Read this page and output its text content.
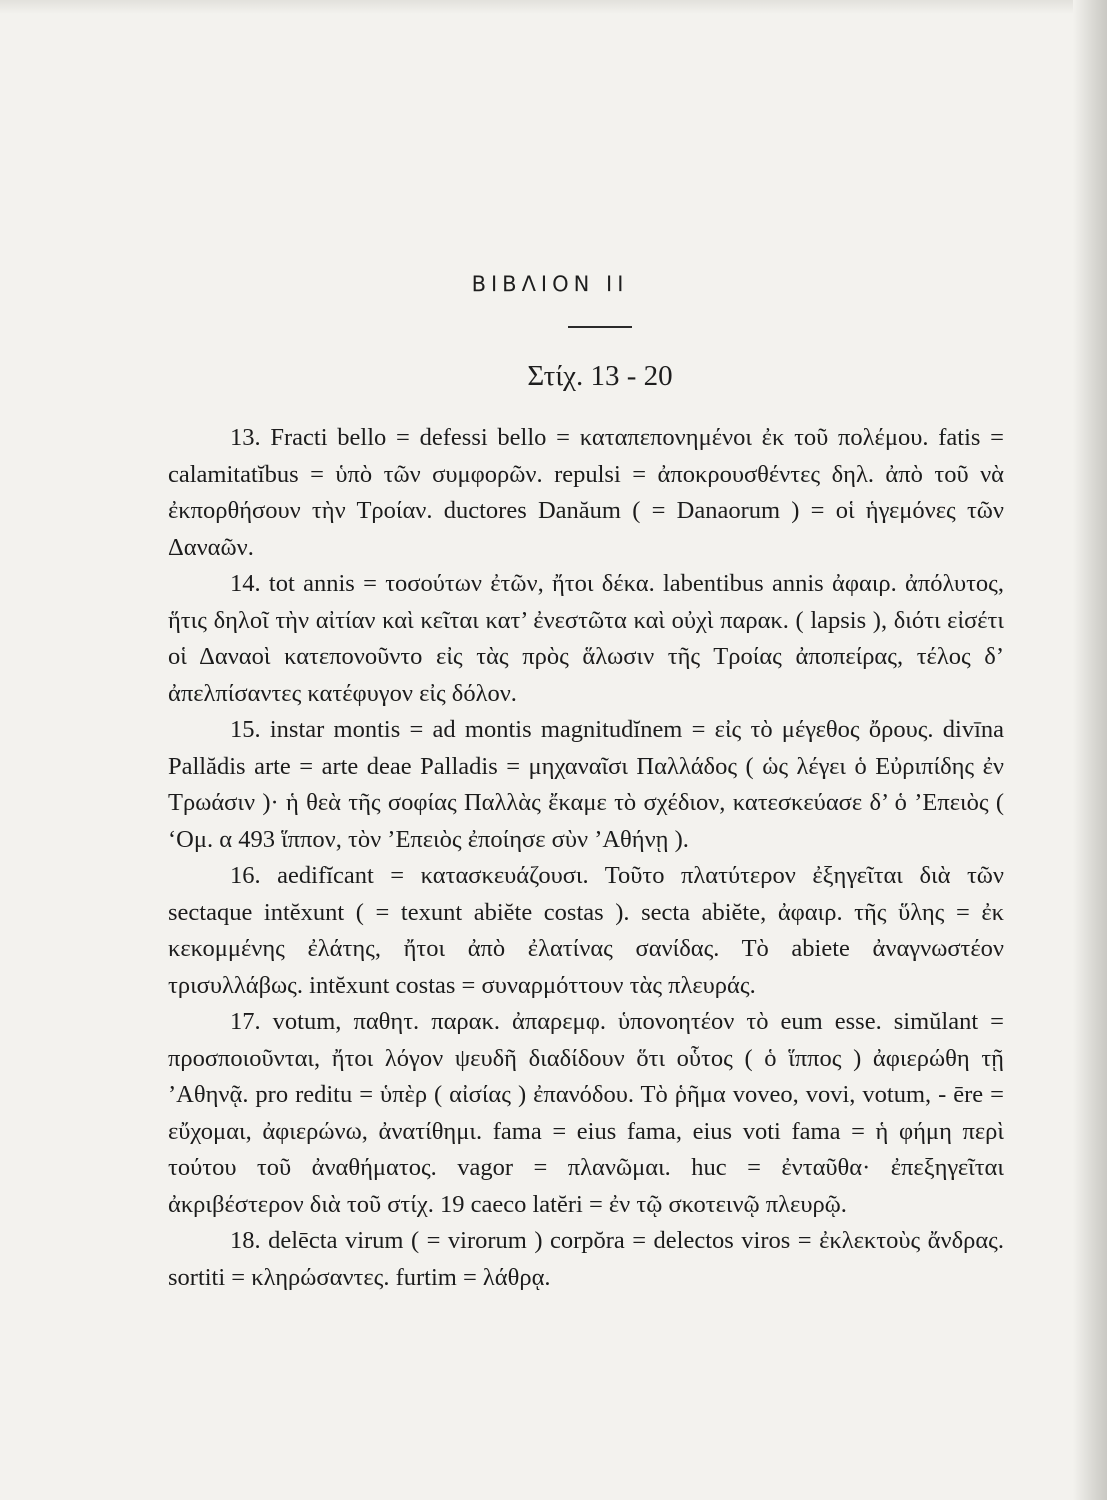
ΒΙΒΛΙΟΝ ΙΙ
Στίχ. 13 - 20

13. Fracti bello = defessi bello = καταπεπονημένοι ἐκ τοῦ πολέμου. fatis = calamitatĭbus = ὑπὸ τῶν συμφορῶν. repulsi = ἀποκρουσθέντες δηλ. ἀπὸ τοῦ νὰ ἐκπορθήσουν τὴν Τροίαν. ductores Danăum ( = Danaorum ) = οἱ ἡγεμόνες τῶν Δαναῶν.

14. tot annis = τοσούτων ἐτῶν, ἤτοι δέκα. labentibus annis ἀφαιρ. ἀπόλυτος, ἥτις δηλοῖ τὴν αἰτίαν καὶ κεῖται κατ’ ἐνεστῶτα καὶ οὐχὶ παρακ. ( lapsis ), διότι εἰσέτι οἱ Δαναοὶ κατεπονοῦντο εἰς τὰς πρὸς ἅλωσιν τῆς Τροίας ἀποπείρας, τέλος δ’ ἀπελπίσαντες κατέφυγον εἰς δόλον.

15. instar montis = ad montis magnitudĭnem = εἰς τὸ μέγεθος ὄρους. divīna Pallădis arte = arte deae Palladis = μηχαναῖσι Παλλάδος ( ὡς λέγει ὁ Εὐριπίδης ἐν Τρωάσιν )· ἡ θεὰ τῆς σοφίας Παλλὰς ἔκαμε τὸ σχέδιον, κατεσκεύασε δ’ ὁ ’Επειὸς ( ‘Ομ. α 493 ἵππον, τὸν ’Επειὸς ἐποίησε σὺν ’Αθήνῃ ).

16. aedifĭcant = κατασκευάζουσι. Τοῦτο πλατύτερον ἐξηγεῖται διὰ τῶν sectaque intĕxunt ( = texunt abiĕte costas ). secta abiĕte, ἀφαιρ. τῆς ὕλης = ἐκ κεκομμένης ἐλάτης, ἤτοι ἀπὸ ἐλατίνας σανίδας. Τὸ abiete ἀναγνωστέον τρισυλλάβως. intĕxunt costas = συναρμόττουν τὰς πλευράς.

17. votum, παθητ. παρακ. ἀπαρεμφ. ὑπονοητέον τὸ eum esse. simŭlant = προσποιοῦνται, ἤτοι λόγον ψευδῆ διαδίδουν ὅτι οὗτος ( ὁ ἵππος ) ἀφιερώθη τῇ ’Αθηνᾷ. pro reditu = ὑπὲρ ( αἰσίας ) ἐπανόδου. Τὸ ῥῆμα voveo, vovi, votum, - ēre = εὔχομαι, ἀφιερώνω, ἀνατίθημι. fama = eius fama, eius voti fama = ἡ φήμη περὶ τούτου τοῦ ἀναθήματος. vagor = πλανῶμαι. huc = ἐνταῦθα· ἐπεξηγεῖται ἀκριβέστερον διὰ τοῦ στίχ. 19 caeco latĕri = ἐν τῷ σκοτεινῷ πλευρῷ.

18. delēcta virum ( = virorum ) corpŏra = delectos viros = ἐκλεκτοὺς ἄνδρας. sortiti = κληρώσαντες. furtim = λάθρᾳ.
